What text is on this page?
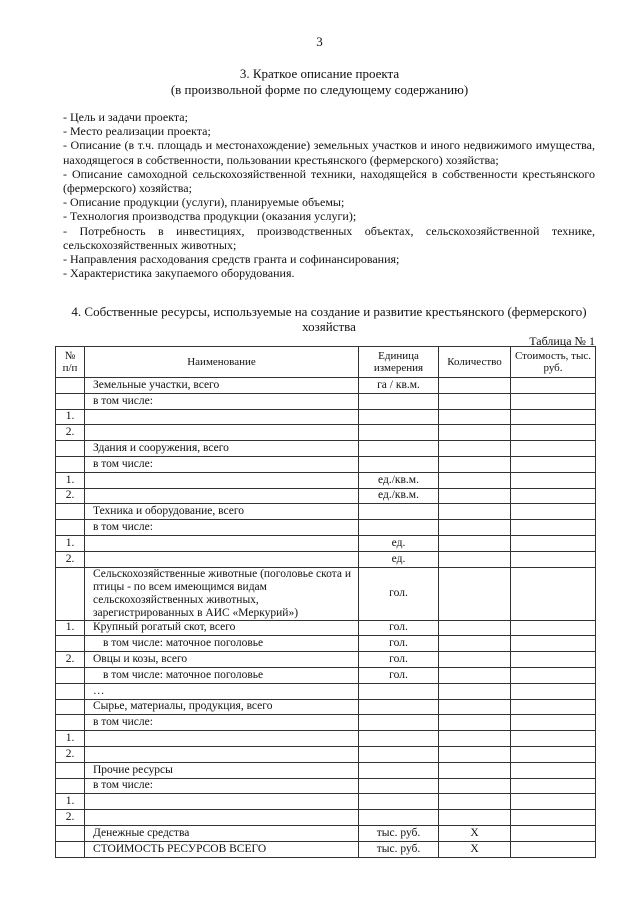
3
3. Краткое описание проекта
(в произвольной форме по следующему содержанию)

- Цель и задачи проекта;

- Место реализации проекта;

- Описание (в т.ч. площадь и местонахождение) земельных участков и иного недвижимого имущества, находящегося в собственности, пользовании крестьянского (фермерского) хозяйства;

- Описание самоходной сельскохозяйственной техники, находящейся в собственности крестьянского (фермерского) хозяйства;

- Описание продукции (услуги), планируемые объемы;

- Технология производства продукции (оказания услуги);

- Потребность в инвестициях, производственных объектах, сельскохозяйственной технике, сельскохозяйственных животных;

- Направления расходования средств гранта и софинансирования;

- Характеристика закупаемого оборудования.

4. Собственные ресурсы, используемые на создание и развитие крестьянского (фермерского) хозяйства
Таблица № 1
№ п/п	Наименование	Единица измерения	Количество	Стоимость, тыс. руб.
	Земельные участки, всего	га / кв.м.		
	в том числе:			
1.				
2.				
	Здания и сооружения, всего			
	в том числе:			
1.		ед./кв.м.		
2.		ед./кв.м.		
	Техника и оборудование, всего			
	в том числе:			
1.		ед.		
2.		ед.		
	Сельскохозяйственные животные (поголовье скота и птицы - по всем имеющимся видам сельскохозяйственных животных, зарегистрированных в АИС «Меркурий»)	гол.		
1.	Крупный рогатый скот, всего	гол.		
	в том числе: маточное поголовье	гол.		
2.	Овцы и козы, всего	гол.		
	в том числе: маточное поголовье	гол.		
	…			
	Сырье, материалы, продукция, всего			
	в том числе:			
1.				
2.				
	Прочие ресурсы			
	в том числе:			
1.				
2.				
	Денежные средства	тыс. руб.	Х	
	СТОИМОСТЬ РЕСУРСОВ ВСЕГО	тыс. руб.	Х	
